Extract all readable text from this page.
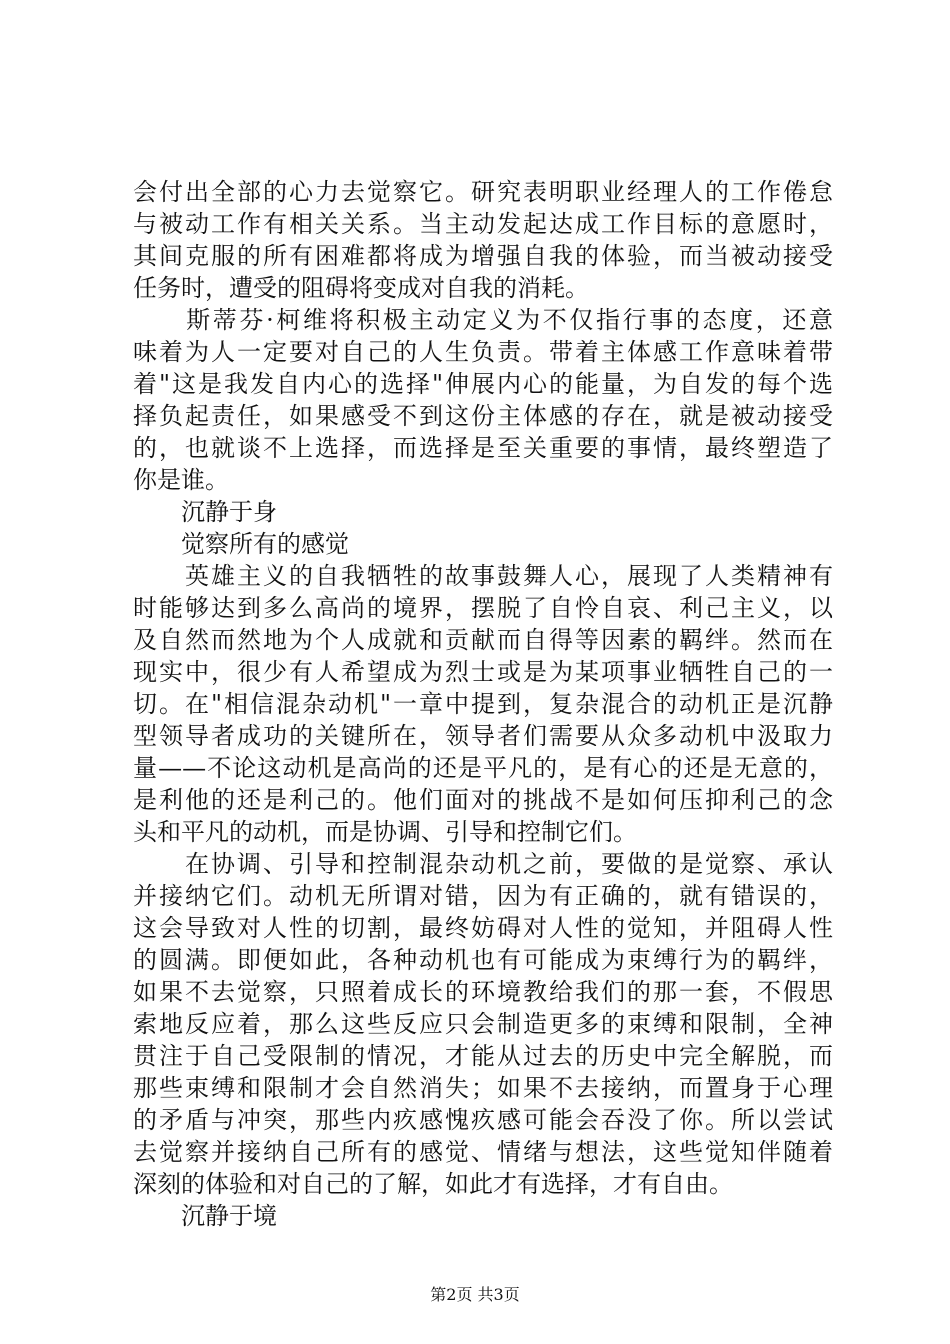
会付出全部的心力去觉察它。研究表明职业经理人的工作倦怠
与被动工作有相关关系。当主动发起达成工作目标的意愿时，
其间克服的所有困难都将成为增强自我的体验，而当被动接受
任务时，遭受的阻碍将变成对自我的消耗。
　　斯蒂芬·柯维将积极主动定义为不仅指行事的态度，还意
味着为人一定要对自己的人生负责。带着主体感工作意味着带
着"这是我发自内心的选择"伸展内心的能量，为自发的每个选
择负起责任，如果感受不到这份主体感的存在，就是被动接受
的，也就谈不上选择，而选择是至关重要的事情，最终塑造了
你是谁。
　　沉静于身
　　觉察所有的感觉
　　英雄主义的自我牺牲的故事鼓舞人心，展现了人类精神有
时能够达到多么高尚的境界，摆脱了自怜自哀、利己主义，以
及自然而然地为个人成就和贡献而自得等因素的羁绊。然而在
现实中，很少有人希望成为烈士或是为某项事业牺牲自己的一
切。在"相信混杂动机"一章中提到，复杂混合的动机正是沉静
型领导者成功的关键所在，领导者们需要从众多动机中汲取力
量——不论这动机是高尚的还是平凡的，是有心的还是无意的，
是利他的还是利己的。他们面对的挑战不是如何压抑利己的念
头和平凡的动机，而是协调、引导和控制它们。
　　在协调、引导和控制混杂动机之前，要做的是觉察、承认
并接纳它们。动机无所谓对错，因为有正确的，就有错误的，
这会导致对人性的切割，最终妨碍对人性的觉知，并阻碍人性
的圆满。即便如此，各种动机也有可能成为束缚行为的羁绊，
如果不去觉察，只照着成长的环境教给我们的那一套，不假思
索地反应着，那么这些反应只会制造更多的束缚和限制，全神
贯注于自己受限制的情况，才能从过去的历史中完全解脱，而
那些束缚和限制才会自然消失；如果不去接纳，而置身于心理
的矛盾与冲突，那些内疚感愧疚感可能会吞没了你。所以尝试
去觉察并接纳自己所有的感觉、情绪与想法，这些觉知伴随着
深刻的体验和对自己的了解，如此才有选择，才有自由。
　　沉静于境
第2页 共3页
